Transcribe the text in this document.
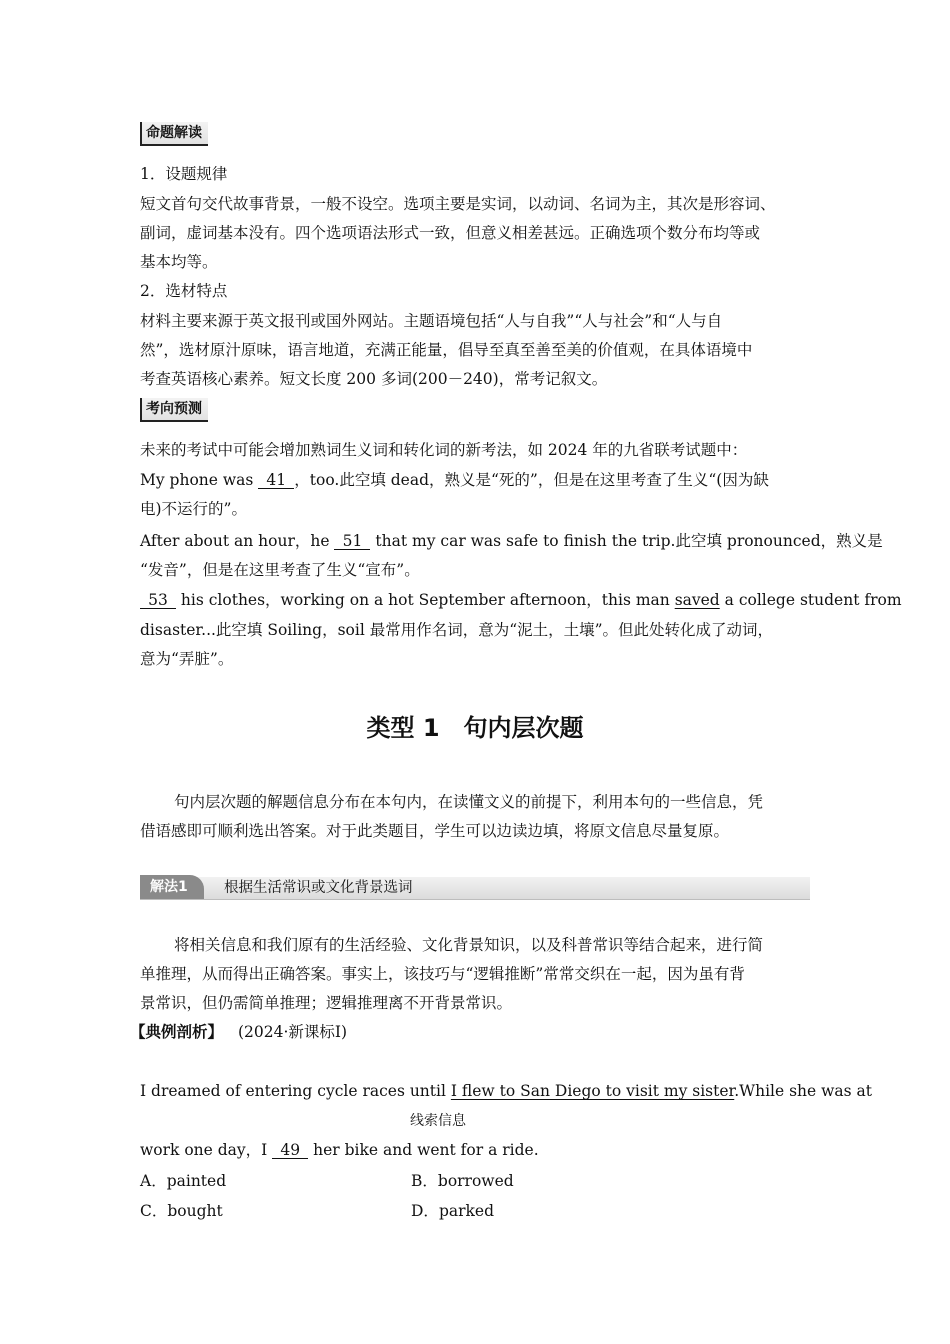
命题解读
1．设题规律
短文首句交代故事背景，一般不设空。选项主要是实词，以动词、名词为主，其次是形容词、
副词，虚词基本没有。四个选项语法形式一致，但意义相差甚远。正确选项个数分布均等或
基本均等。
2．选材特点
材料主要来源于英文报刊或国外网站。主题语境包括“人与自我”“人与社会”和“人与自
然”，选材原汁原味，语言地道，充满正能量，倡导至真至善至美的价值观，在具体语境中
考查英语核心素养。短文长度 200 多词(200－240)，常考记叙文。
考向预测
未来的考试中可能会增加熟词生义词和转化词的新考法，如 2024 年的九省联考试题中：
My phone was 41 ，too.此空填 dead，熟义是“死的”，但是在这里考查了生义“(因为缺
电)不运行的”。
After about an hour，he 51 that my car was safe to finish the trip.此空填 pronounced，熟义是
“发音”，但是在这里考查了生义“宣布”。
53 his clothes，working on a hot September afternoon，this man saved a college student from
disaster...此空填 Soiling，soil 最常用作名词，意为“泥土，土壤”。但此处转化成了动词，
意为“弄脏”。
类型 1　句内层次题
句内层次题的解题信息分布在本句内，在读懂文义的前提下，利用本句的一些信息，凭
借语感即可顺利选出答案。对于此类题目，学生可以边读边填，将原文信息尽量复原。
解法1	根据生活常识或文化背景选词
将相关信息和我们原有的生活经验、文化背景知识，以及科普常识等结合起来，进行简
单推理，从而得出正确答案。事实上，该技巧与“逻辑推断”常常交织在一起，因为虽有背
景常识，但仍需简单推理；逻辑推理离不开背景常识。
【典例剖析】 (2024·新课标Ⅰ)
I dreamed of entering cycle races until I flew to San Diego to visit my sister.While she was at
线索信息
work one day，I 49 her bike and went for a ride.
A．painted	B．borrowed
C．bought	D．parked
